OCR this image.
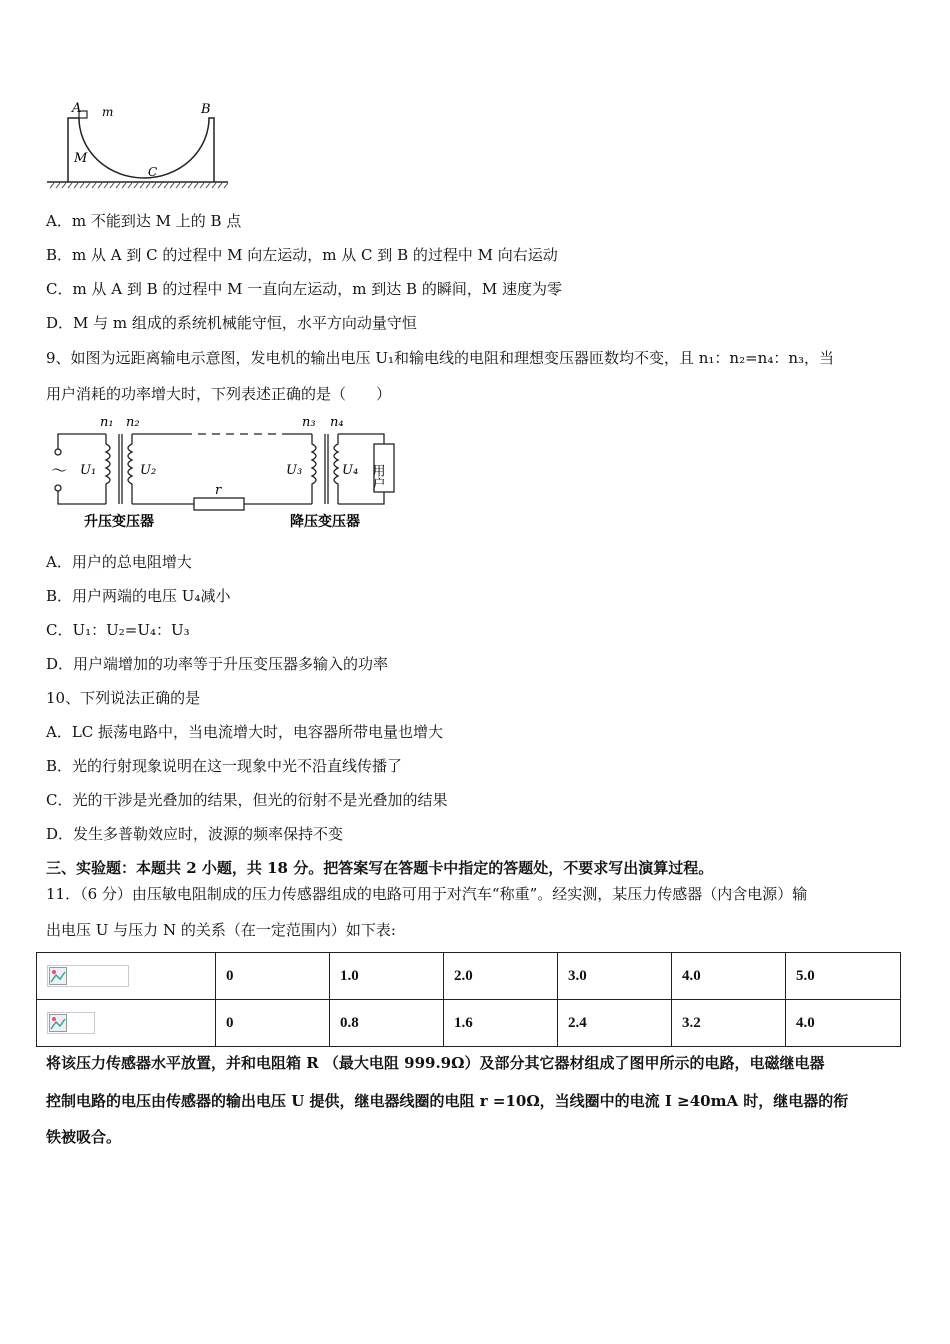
A m	B
M
C
A．m 不能到达 M 上的 B 点
B．m 从 A 到 C 的过程中 M 向左运动，m 从 C 到 B 的过程中 M 向右运动
C．m 从 A 到 B 的过程中 M 一直向左运动，m 到达 B 的瞬间，M 速度为零
D．M 与 m 组成的系统机械能守恒，水平方向动量守恒
9、如图为远距离输电示意图，发电机的输出电压 U₁和输电线的电阻和理想变压器匝数均不变，且 n₁：n₂=n₄：n₃，当
用户消耗的功率增大时，下列表述正确的是（　　）
～
n₁ n₂	n₃ n₄
U₁	U₂	U₃	U₄
r
用户
升压变压器	降压变压器
A．用户的总电阻增大
B．用户两端的电压 U₄减小
C．U₁：U₂=U₄：U₃
D．用户端增加的功率等于升压变压器多输入的功率
10、下列说法正确的是
A．LC 振荡电路中，当电流增大时，电容器所带电量也增大
B．光的行射现象说明在这一现象中光不沿直线传播了
C．光的干涉是光叠加的结果，但光的衍射不是光叠加的结果
D．发生多普勒效应时，波源的频率保持不变
三、实验题：本题共 2 小题，共 18 分。把答案写在答题卡中指定的答题处，不要求写出演算过程。
11．（6 分）由压敏电阻制成的压力传感器组成的电路可用于对汽车“称重”。经实测，某压力传感器（内含电源）输
出电压 U 与压力 N 的关系（在一定范围内）如下表:
	0	1.0	2.0	3.0	4.0	5.0

	0	0.8	1.6	2.4	3.2	4.0
将该压力传感器水平放置，并和电阻箱 R （最大电阻 999.9Ω）及部分其它器材组成了图甲所示的电路，电磁继电器
控制电路的电压由传感器的输出电压 U 提供，继电器线圈的电阻 r =10Ω，当线圈中的电流 I ≥40mA 时，继电器的衔
铁被吸合。
